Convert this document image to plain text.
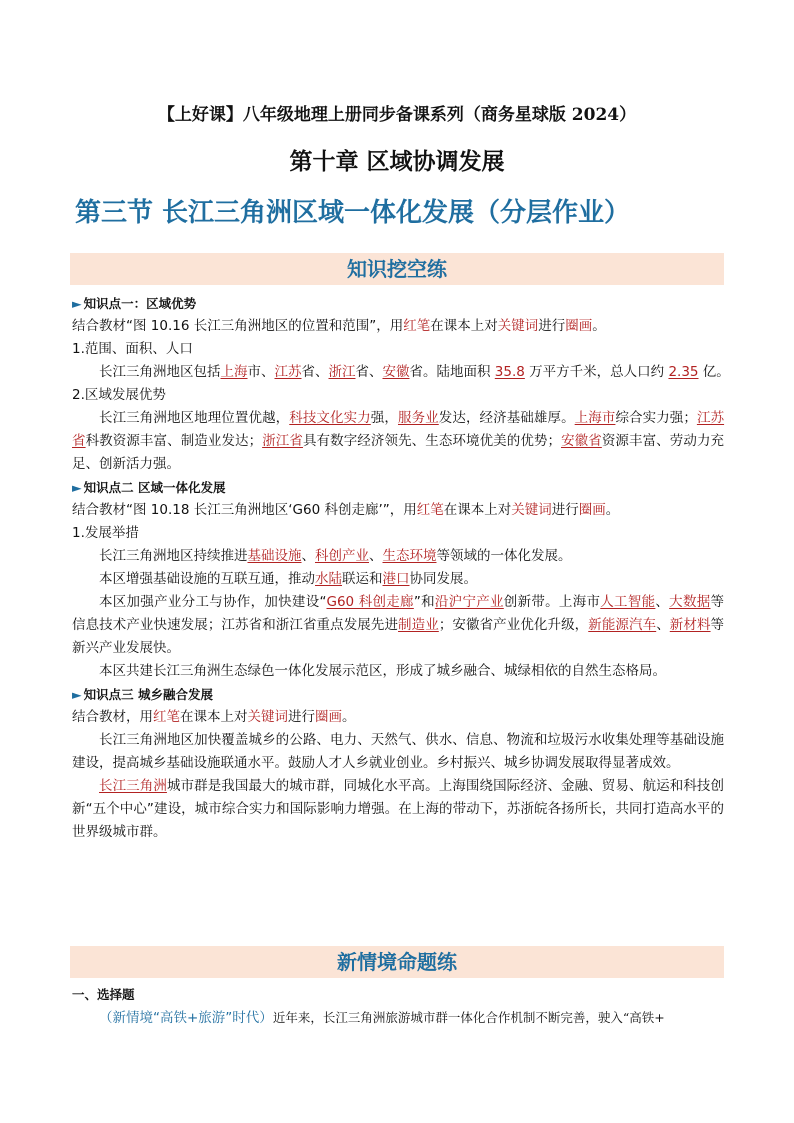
【上好课】八年级地理上册同步备课系列（商务星球版 2024）
第十章 区域协调发展
第三节 长江三角洲区域一体化发展（分层作业）
知识挖空练

► 知识点一：区域优势

结合教材“图 10.16 长江三角洲地区的位置和范围”，用红笔在课本上对关键词进行圈画。

1.范围、面积、人口

长江三角洲地区包括上海市、江苏省、浙江省、安徽省。陆地面积 35.8 万平方千米，总人口约 2.35 亿。

2.区域发展优势

长江三角洲地区地理位置优越，科技文化实力强，服务业发达，经济基础雄厚。上海市综合实力强；江苏省科教资源丰富、制造业发达；浙江省具有数字经济领先、生态环境优美的优势；安徽省资源丰富、劳动力充足、创新活力强。

► 知识点二 区域一体化发展

结合教材“图 10.18 长江三角洲地区‘G60 科创走廊’”，用红笔在课本上对关键词进行圈画。

1.发展举措

长江三角洲地区持续推进基础设施、科创产业、生态环境等领域的一体化发展。

本区增强基础设施的互联互通，推动水陆联运和港口协同发展。

本区加强产业分工与协作，加快建设“G60 科创走廊”和沿沪宁产业创新带。上海市人工智能、大数据等信息技术产业快速发展；江苏省和浙江省重点发展先进制造业；安徽省产业优化升级，新能源汽车、新材料等新兴产业发展快。

本区共建长江三角洲生态绿色一体化发展示范区，形成了城乡融合、城绿相依的自然生态格局。

► 知识点三 城乡融合发展

结合教材，用红笔在课本上对关键词进行圈画。

长江三角洲地区加快覆盖城乡的公路、电力、天然气、供水、信息、物流和垃圾污水收集处理等基础设施建设，提高城乡基础设施联通水平。鼓励人才人乡就业创业。乡村振兴、城乡协调发展取得显著成效。

长江三角洲城市群是我国最大的城市群，同城化水平高。上海围绕国际经济、金融、贸易、航运和科技创新“五个中心”建设，城市综合实力和国际影响力增强。在上海的带动下，苏浙皖各扬所长，共同打造高水平的世界级城市群。

新情境命题练

一、选择题

（新情境“高铁+旅游”时代）近年来，长江三角洲旅游城市群一体化合作机制不断完善，驶入“高铁+
